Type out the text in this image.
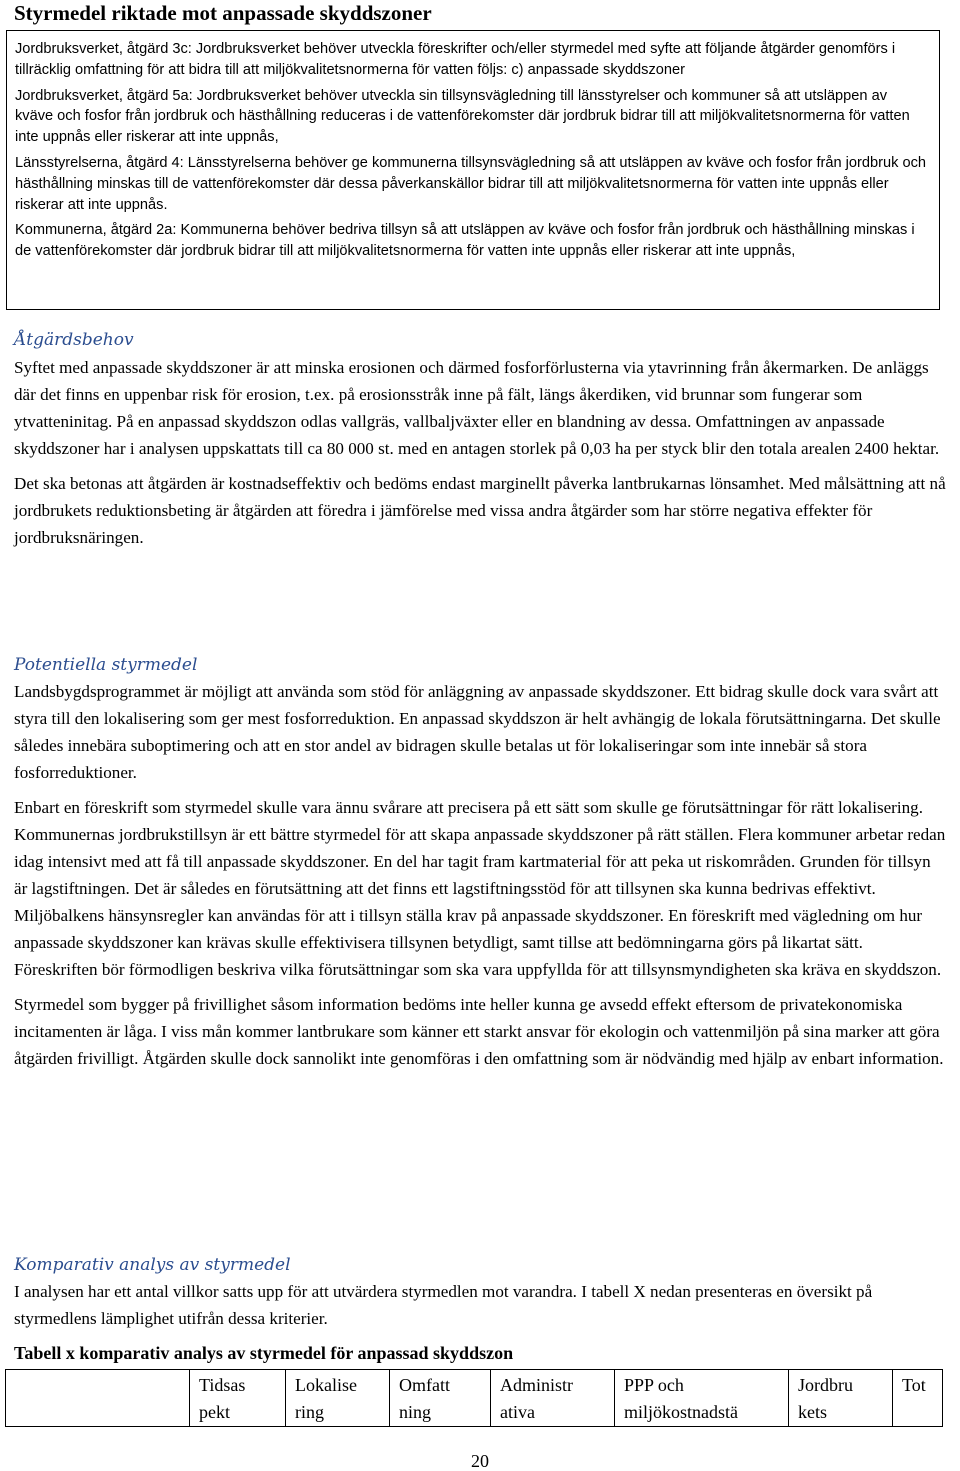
Styrmedel riktade mot anpassade skyddszoner

Jordbruksverket, åtgärd 3c: Jordbruksverket behöver utveckla föreskrifter och/eller styrmedel med syfte att följande åtgärder genomförs i tillräcklig omfattning för att bidra till att miljökvalitetsnormerna för vatten följs: c) anpassade skyddszoner

Jordbruksverket, åtgärd 5a: Jordbruksverket behöver utveckla sin tillsynsvägledning till länsstyrelser och kommuner så att utsläppen av kväve och fosfor från jordbruk och hästhållning reduceras i de vattenförekomster där jordbruk bidrar till att miljökvalitetsnormerna för vatten inte uppnås eller riskerar att inte uppnås,

Länsstyrelserna, åtgärd 4: Länsstyrelserna behöver ge kommunerna tillsynsvägledning så att utsläppen av kväve och fosfor från jordbruk och hästhållning minskas till de vattenförekomster där dessa påverkanskällor bidrar till att miljökvalitetsnormerna för vatten inte uppnås eller riskerar att inte uppnås.

Kommunerna, åtgärd 2a: Kommunerna behöver bedriva tillsyn så att utsläppen av kväve och fosfor från jordbruk och hästhållning minskas i de vattenförekomster där jordbruk bidrar till att miljökvalitetsnormerna för vatten inte uppnås eller riskerar att inte uppnås,

Åtgärdsbehov

Syftet med anpassade skyddszoner är att minska erosionen och därmed fosforförlusterna via ytavrinning från åkermarken. De anläggs där det finns en uppenbar risk för erosion, t.ex. på erosionsstråk inne på fält, längs åkerdiken, vid brunnar som fungerar som ytvatteninitag. På en anpassad skyddszon odlas vallgräs, vallbaljväxter eller en blandning av dessa. Omfattningen av anpassade skyddszoner har i analysen uppskattats till ca 80 000 st. med en antagen storlek på 0,03 ha per styck blir den totala arealen 2400 hektar.

Det ska betonas att åtgärden är kostnadseffektiv och bedöms endast marginellt påverka lantbrukarnas lönsamhet. Med målsättning att nå jordbrukets reduktionsbeting är åtgärden att föredra i jämförelse med vissa andra åtgärder som har större negativa effekter för jordbruksnäringen.

Potentiella styrmedel

Landsbygdsprogrammet är möjligt att använda som stöd för anläggning av anpassade skyddszoner. Ett bidrag skulle dock vara svårt att styra till den lokalisering som ger mest fosforreduktion. En anpassad skyddszon är helt avhängig de lokala förutsättningarna. Det skulle således innebära suboptimering och att en stor andel av bidragen skulle betalas ut för lokaliseringar som inte innebär så stora fosforreduktioner.

Enbart en föreskrift som styrmedel skulle vara ännu svårare att precisera på ett sätt som skulle ge förutsättningar för rätt lokalisering. Kommunernas jordbrukstillsyn är ett bättre styrmedel för att skapa anpassade skyddszoner på rätt ställen. Flera kommuner arbetar redan idag intensivt med att få till anpassade skyddszoner. En del har tagit fram kartmaterial för att peka ut riskområden. Grunden för tillsyn är lagstiftningen. Det är således en förutsättning att det finns ett lagstiftningsstöd för att tillsynen ska kunna bedrivas effektivt. Miljöbalkens hänsynsregler kan användas för att i tillsyn ställa krav på anpassade skyddszoner. En föreskrift med vägledning om hur anpassade skyddszoner kan krävas skulle effektivisera tillsynen betydligt, samt tillse att bedömningarna görs på likartat sätt. Föreskriften bör förmodligen beskriva vilka förutsättningar som ska vara uppfyllda för att tillsynsmyndigheten ska kräva en skyddszon.

Styrmedel som bygger på frivillighet såsom information bedöms inte heller kunna ge avsedd effekt eftersom de privatekonomiska incitamenten är låga. I viss mån kommer lantbrukare som känner ett starkt ansvar för ekologin och vattenmiljön på sina marker att göra åtgärden frivilligt. Åtgärden skulle dock sannolikt inte genomföras i den omfattning som är nödvändig med hjälp av enbart information.

Komparativ analys av styrmedel

I analysen har ett antal villkor satts upp för att utvärdera styrmedlen mot varandra. I tabell X nedan presenteras en översikt på styrmedlens lämplighet utifrån dessa kriterier.

Tabell x komparativ analys av styrmedel för anpassad skyddszon

	Tidsas pekt	Lokalise ring	Omfatt ning	Administr ativa	PPP och miljökostnadstä	Jordbru kets	Tot
20
